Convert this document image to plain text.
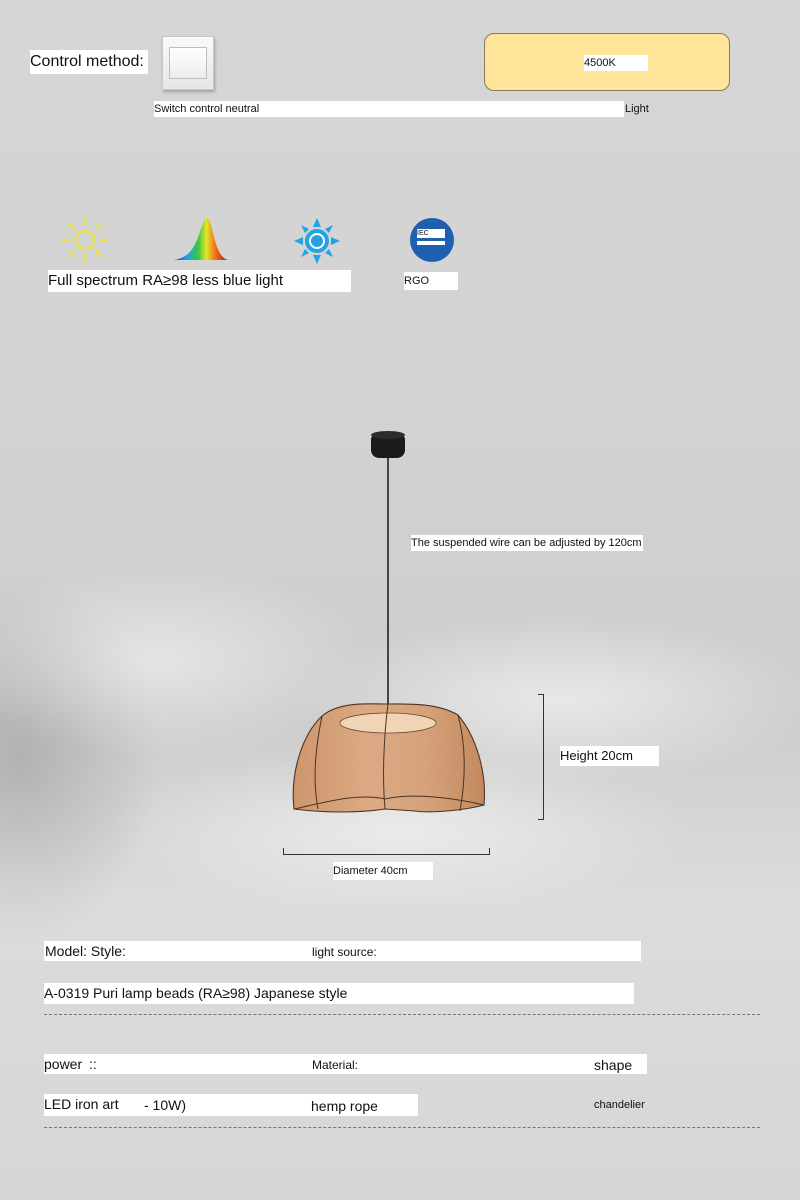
Control method:	4500K
Switch control neutral	Light
IEC
Full spectrum RA≥98 less blue light	RGO
The suspended wire can be adjusted by 120cm
Height 20cm
Diameter 40cm
Model: Style:	light source:
A-0319 Puri lamp beads (RA≥98) Japanese style
power ::	Material:	shape
LED iron art - 10W)	hemp rope	chandelier
